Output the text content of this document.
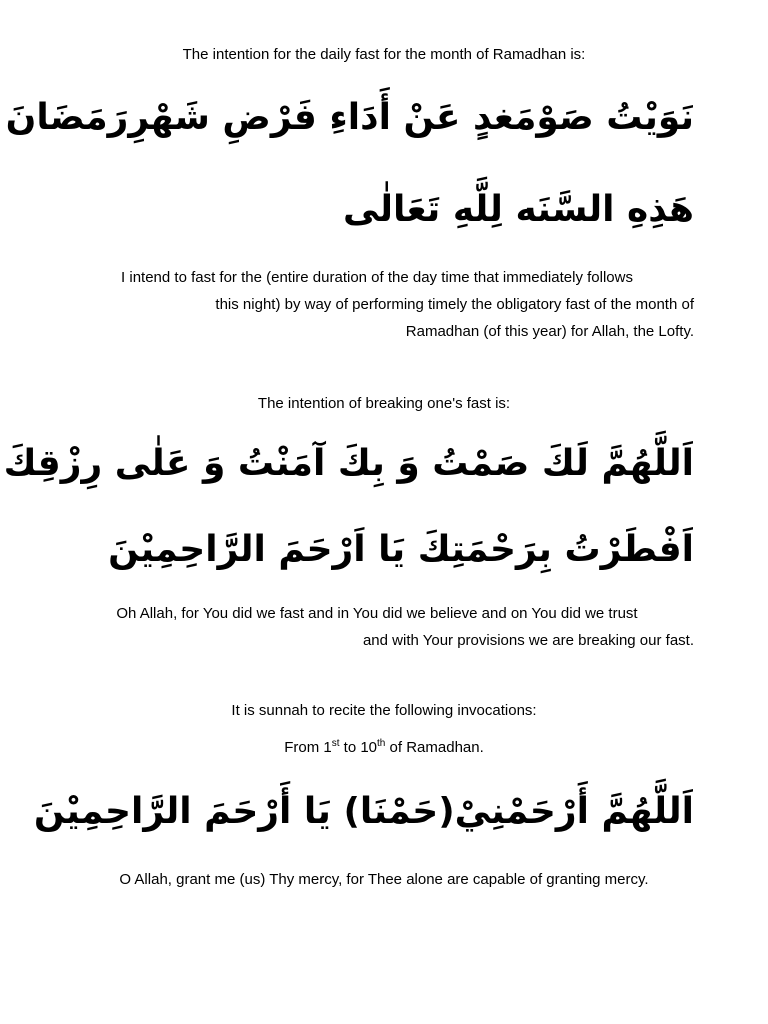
The intention for the daily fast for the month of Ramadhan is:
نَوَيْتُ صَوْمَغدٍ عَنْ أَدَاءِ فَرْضِ شَهْرِرَمَضَانَ
هَذِهِ السَّنَه لِلَّهِ تَعَالٰى
I intend to fast for the (entire duration of the day time that immediately follows
this night) by way of performing timely the obligatory fast of the month of
Ramadhan (of this year) for Allah, the Lofty.
The intention of breaking one's fast is:
اَللَّهُمَّ لَكَ صَمْتُ وَ بِكَ آمَنْتُ وَ عَلٰى رِزْقِكَ
اَفْطَرْتُ بِرَحْمَتِكَ يَا اَرْحَمَ الرَّاحِمِيْنَ
Oh Allah, for You did we fast and in You did we believe and on You did we trust
and with Your provisions we are breaking our fast.
It is sunnah to recite the following invocations:
From 1st to 10th of Ramadhan.
اَللَّهُمَّ أَرْحَمْنِيْ(حَمْنَا) يَا أَرْحَمَ الرَّاحِمِيْنَ
O Allah, grant me (us) Thy mercy, for Thee alone are capable of granting mercy.
